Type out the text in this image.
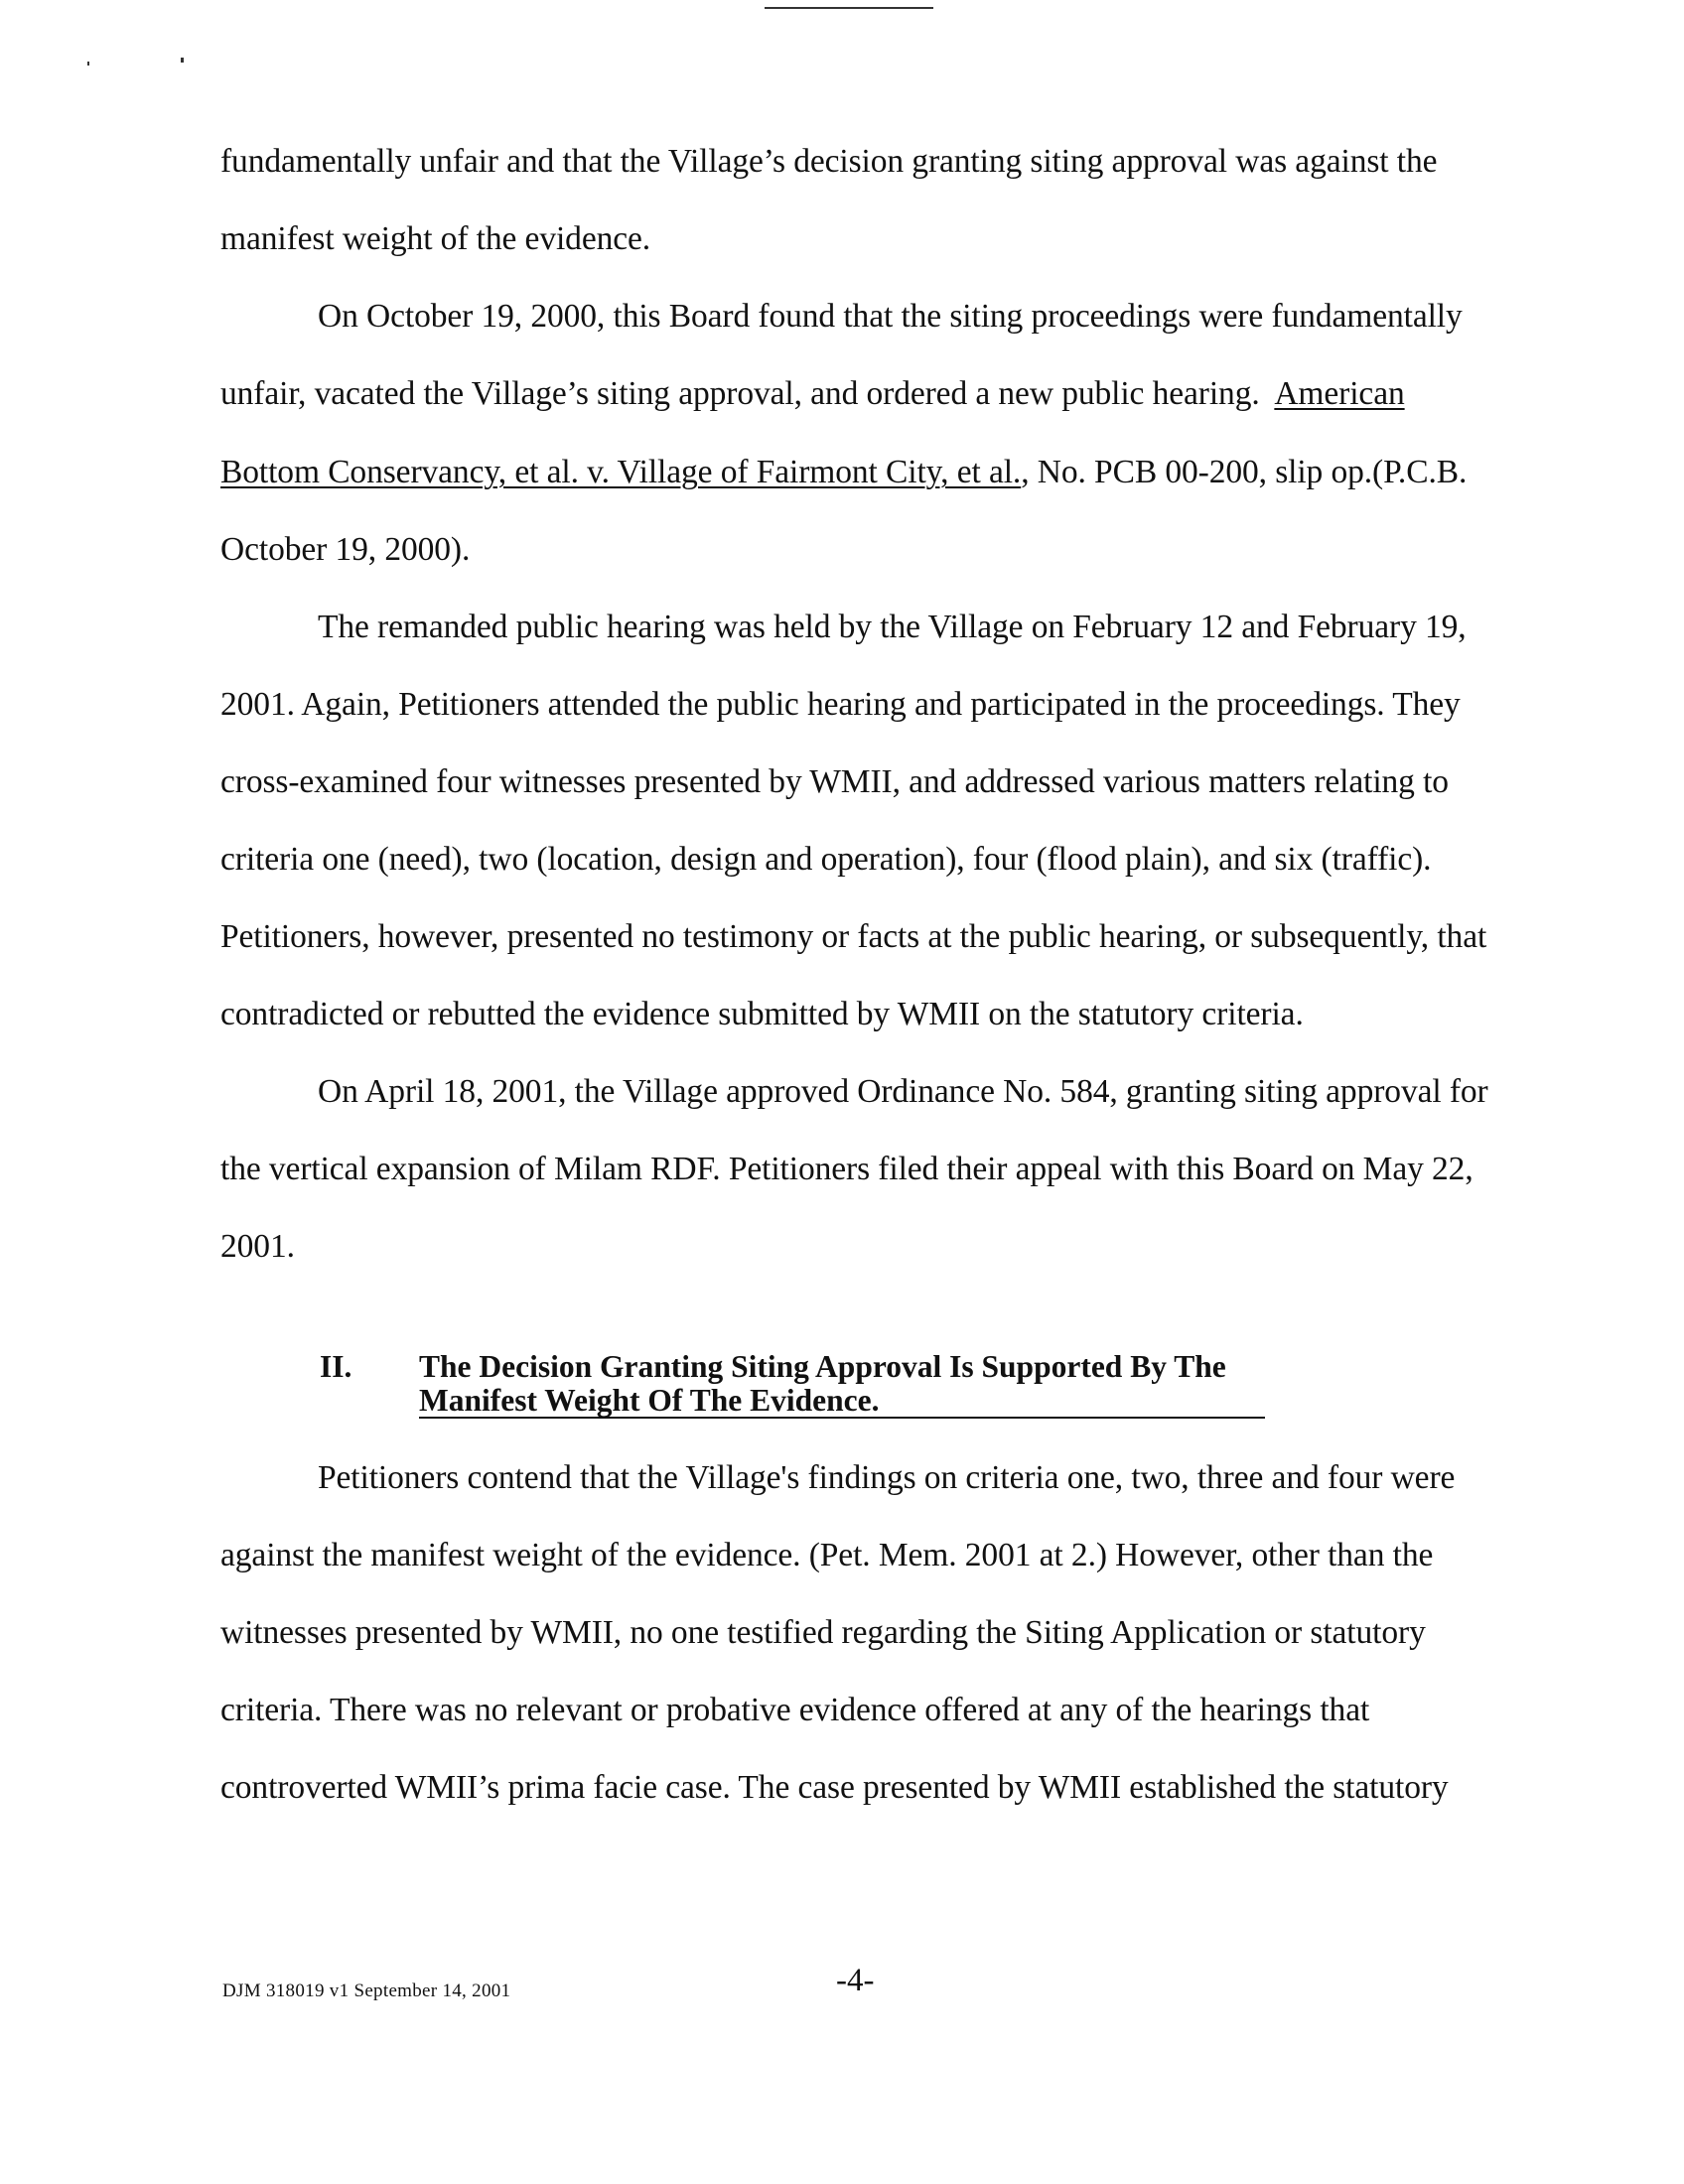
fundamentally unfair and that the Village’s decision granting siting approval was against the
manifest weight of the evidence.
On October 19, 2000, this Board found that the siting proceedings were fundamentally
unfair, vacated the Village’s siting approval, and ordered a new public hearing. American
Bottom Conservancy, et al. v. Village of Fairmont City, et al., No. PCB 00-200, slip op.(P.C.B.
October 19, 2000).
The remanded public hearing was held by the Village on February 12 and February 19,
2001. Again, Petitioners attended the public hearing and participated in the proceedings. They
cross-examined four witnesses presented by WMII, and addressed various matters relating to
criteria one (need), two (location, design and operation), four (flood plain), and six (traffic).
Petitioners, however, presented no testimony or facts at the public hearing, or subsequently, that
contradicted or rebutted the evidence submitted by WMII on the statutory criteria.
On April 18, 2001, the Village approved Ordinance No. 584, granting siting approval for
the vertical expansion of Milam RDF. Petitioners filed their appeal with this Board on May 22,
2001.
II. The Decision Granting Siting Approval Is Supported By The
Manifest Weight Of The Evidence.
Petitioners contend that the Village's findings on criteria one, two, three and four were
against the manifest weight of the evidence. (Pet. Mem. 2001 at 2.) However, other than the
witnesses presented by WMII, no one testified regarding the Siting Application or statutory
criteria. There was no relevant or probative evidence offered at any of the hearings that
controverted WMII’s prima facie case. The case presented by WMII established the statutory
DJM 318019 v1 September 14, 2001	-4-
